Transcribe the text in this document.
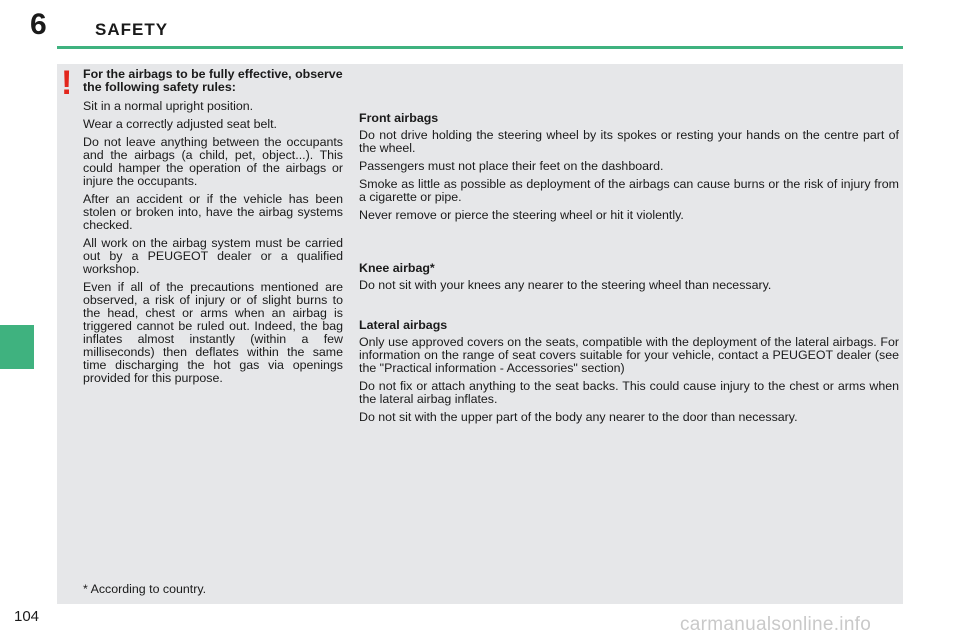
6	SAFETY
! For the airbags to be fully effective, observe the following safety rules:

Sit in a normal upright position.

Wear a correctly adjusted seat belt.

Do not leave anything between the occupants and the airbags (a child, pet, object...). This could hamper the operation of the airbags or injure the occupants.

After an accident or if the vehicle has been stolen or broken into, have the airbag systems checked.

All work on the airbag system must be carried out by a PEUGEOT dealer or a qualified workshop.

Even if all of the precautions mentioned are observed, a risk of injury or of slight burns to the head, chest or arms when an airbag is triggered cannot be ruled out. Indeed, the bag inflates almost instantly (within a few milliseconds) then deflates within the same time discharging the hot gas via openings provided for this purpose.

Front airbags

Do not drive holding the steering wheel by its spokes or resting your hands on the centre part of the wheel.

Passengers must not place their feet on the dashboard.

Smoke as little as possible as deployment of the airbags can cause burns or the risk of injury from a cigarette or pipe.

Never remove or pierce the steering wheel or hit it violently.

Knee airbag*

Do not sit with your knees any nearer to the steering wheel than necessary.

Lateral airbags

Only use approved covers on the seats, compatible with the deployment of the lateral airbags. For information on the range of seat covers suitable for your vehicle, contact a PEUGEOT dealer (see the "Practical information - Accessories" section)

Do not fix or attach anything to the seat backs. This could cause injury to the chest or arms when the lateral airbag inflates.

Do not sit with the upper part of the body any nearer to the door than necessary.

* According to country.
104	carmanualsonline.info
